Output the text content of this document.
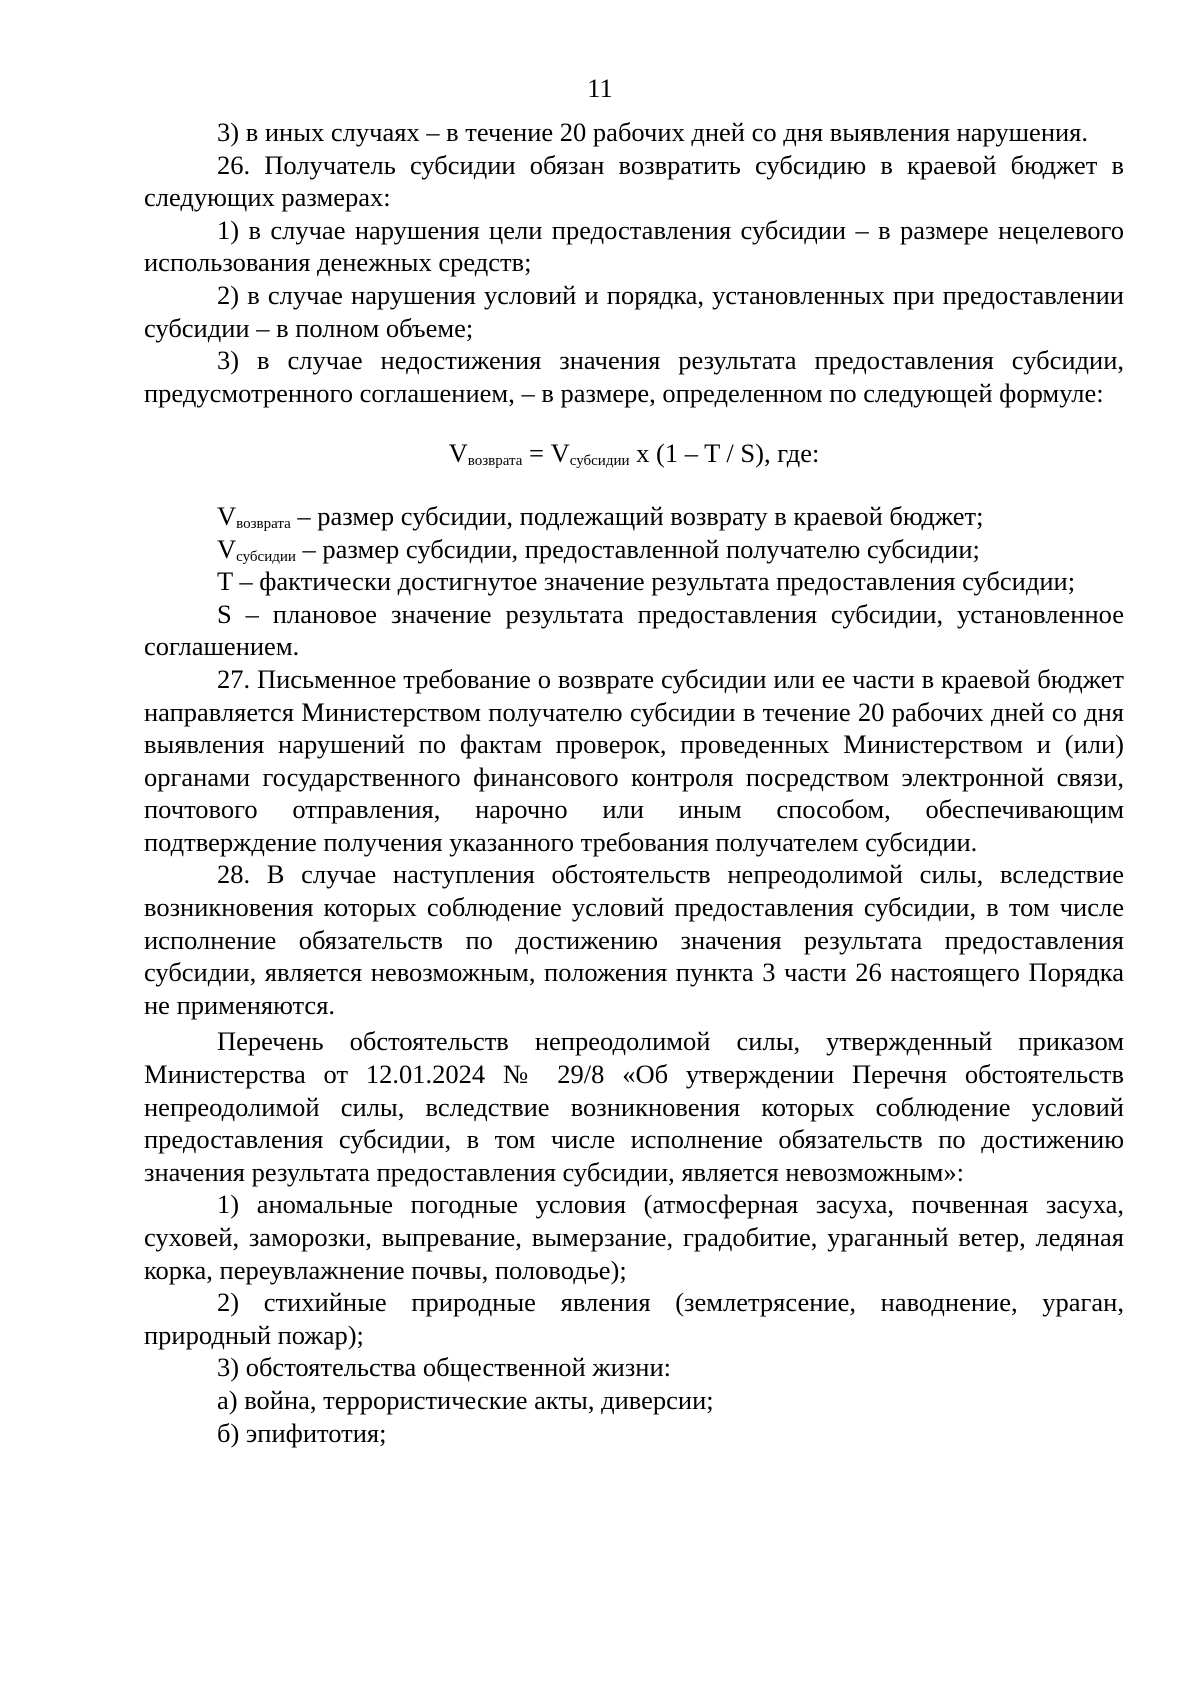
11

3) в иных случаях – в течение 20 рабочих дней со дня выявления нарушения.

26. Получатель субсидии обязан возвратить субсидию в краевой бюджет в следующих размерах:

1) в случае нарушения цели предоставления субсидии – в размере нецелевого использования денежных средств;

2) в случае нарушения условий и порядка, установленных при предоставлении субсидии – в полном объеме;

3) в случае недостижения значения результата предоставления субсидии, предусмотренного соглашением, – в размере, определенном по следующей формуле:

$V_{возврата} = V_{субсидии}$ x (1 – T / S), где:

$V_{возврата}$ – размер субсидии, подлежащий возврату в краевой бюджет;

$V_{субсидии}$ – размер субсидии, предоставленной получателю субсидии;

T – фактически достигнутое значение результата предоставления субсидии;

S – плановое значение результата предоставления субсидии, установленное соглашением.

27. Письменное требование о возврате субсидии или ее части в краевой бюджет направляется Министерством получателю субсидии в течение 20 рабочих дней со дня выявления нарушений по фактам проверок, проведенных Министерством и (или) органами государственного финансового контроля посредством электронной связи, почтового отправления, нарочно или иным способом, обеспечивающим подтверждение получения указанного требования получателем субсидии.

28. В случае наступления обстоятельств непреодолимой силы, вследствие возникновения которых соблюдение условий предоставления субсидии, в том числе исполнение обязательств по достижению значения результата предоставления субсидии, является невозможным, положения пункта 3 части 26 настоящего Порядка не применяются.

Перечень обстоятельств непреодолимой силы, утвержденный приказом Министерства от 12.01.2024 № 29/8 «Об утверждении Перечня обстоятельств непреодолимой силы, вследствие возникновения которых соблюдение условий предоставления субсидии, в том числе исполнение обязательств по достижению значения результата предоставления субсидии, является невозможным»:

1) аномальные погодные условия (атмосферная засуха, почвенная засуха, суховей, заморозки, выпревание, вымерзание, градобитие, ураганный ветер, ледяная корка, переувлажнение почвы, половодье);

2) стихийные природные явления (землетрясение, наводнение, ураган, природный пожар);

3) обстоятельства общественной жизни:

а) война, террористические акты, диверсии;

б) эпифитотия;
